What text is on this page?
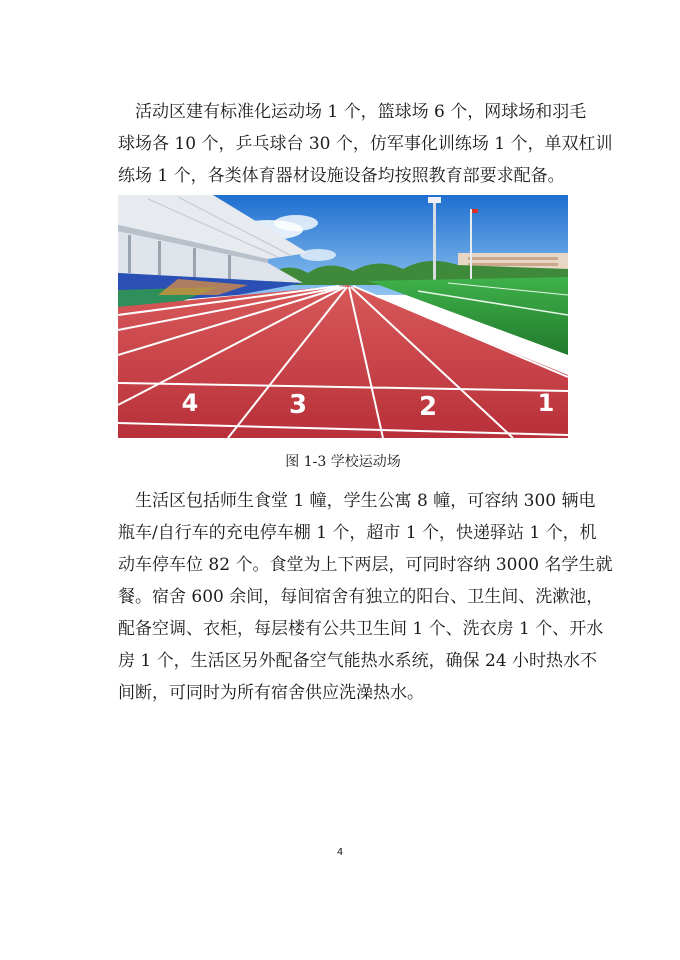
活动区建有标准化运动场 1 个，篮球场 6 个，网球场和羽毛
球场各 10 个，乒乓球台 30 个，仿军事化训练场 1 个，单双杠训
练场 1 个，各类体育器材设施设备均按照教育部要求配备。
4	3	2	1
图 1-3 学校运动场
生活区包括师生食堂 1 幢，学生公寓 8 幢，可容纳 300 辆电
瓶车/自行车的充电停车棚 1 个，超市 1 个，快递驿站 1 个，机
动车停车位 82 个。食堂为上下两层，可同时容纳 3000 名学生就
餐。宿舍 600 余间，每间宿舍有独立的阳台、卫生间、洗漱池，
配备空调、衣柜，每层楼有公共卫生间 1 个、洗衣房 1 个、开水
房 1 个，生活区另外配备空气能热水系统，确保 24 小时热水不
间断，可同时为所有宿舍供应洗澡热水。
4
